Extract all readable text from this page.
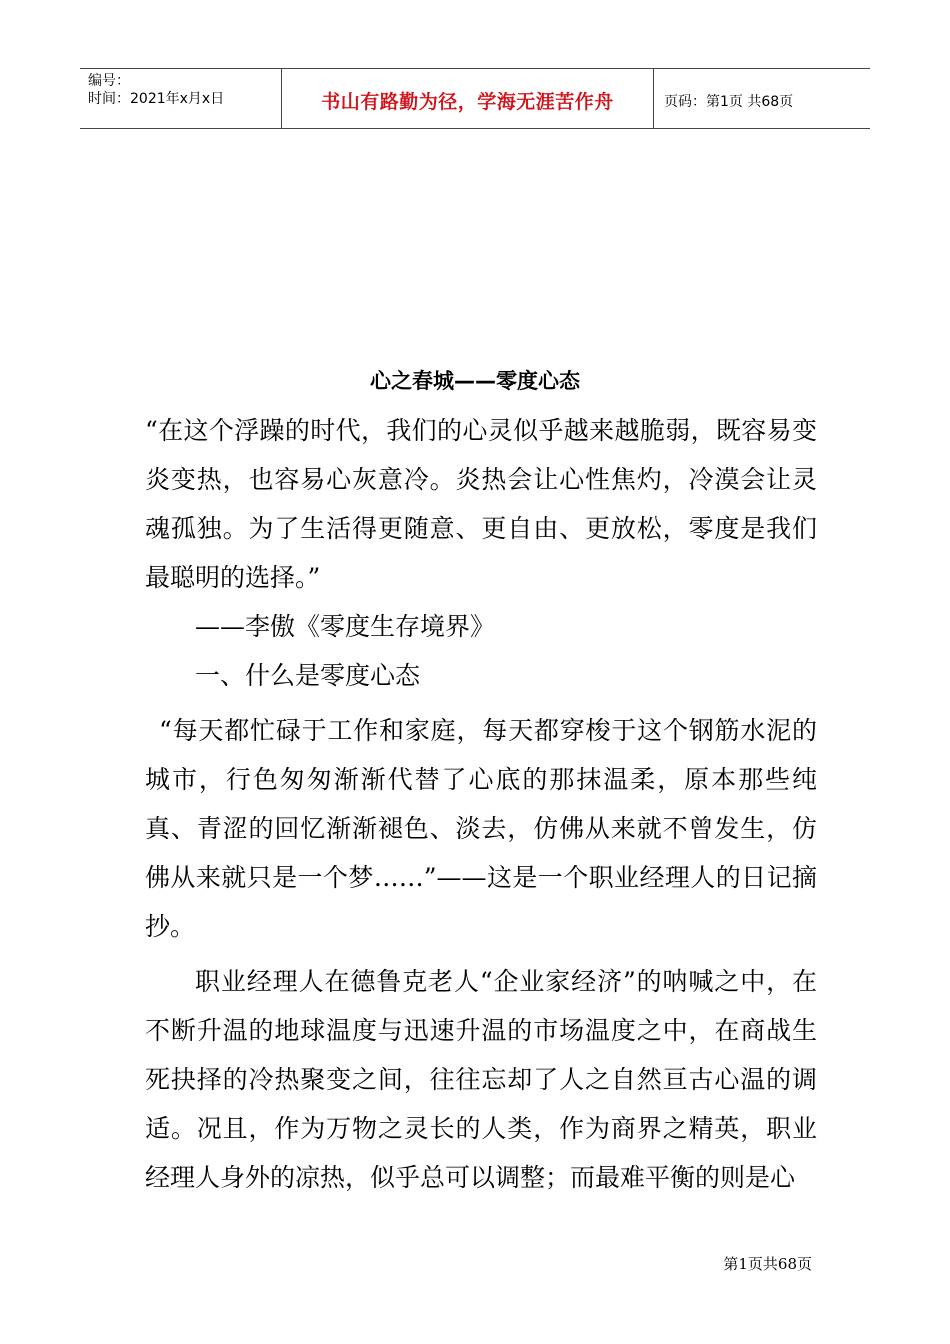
编号：
时间：2021年x月x日	书山有路勤为径，学海无涯苦作舟	页码：第1页 共68页
心之春城——零度心态

“在这个浮躁的时代，我们的心灵似乎越来越脆弱，既容易变炎变热，也容易心灰意冷。炎热会让心性焦灼，冷漠会让灵魂孤独。为了生活得更随意、更自由、更放松，零度是我们最聪明的选择。”

——李傲《零度生存境界》

一、什么是零度心态

“每天都忙碌于工作和家庭，每天都穿梭于这个钢筋水泥的城市，行色匆匆渐渐代替了心底的那抹温柔，原本那些纯真、青涩的回忆渐渐褪色、淡去，仿佛从来就不曾发生，仿佛从来就只是一个梦……”——这是一个职业经理人的日记摘抄。

职业经理人在德鲁克老人“企业家经济”的呐喊之中，在不断升温的地球温度与迅速升温的市场温度之中，在商战生死抉择的冷热聚变之间，往往忘却了人之自然亘古心温的调适。况且，作为万物之灵长的人类，作为商界之精英，职业经理人身外的凉热，似乎总可以调整；而最难平衡的则是心

第1页共68页
